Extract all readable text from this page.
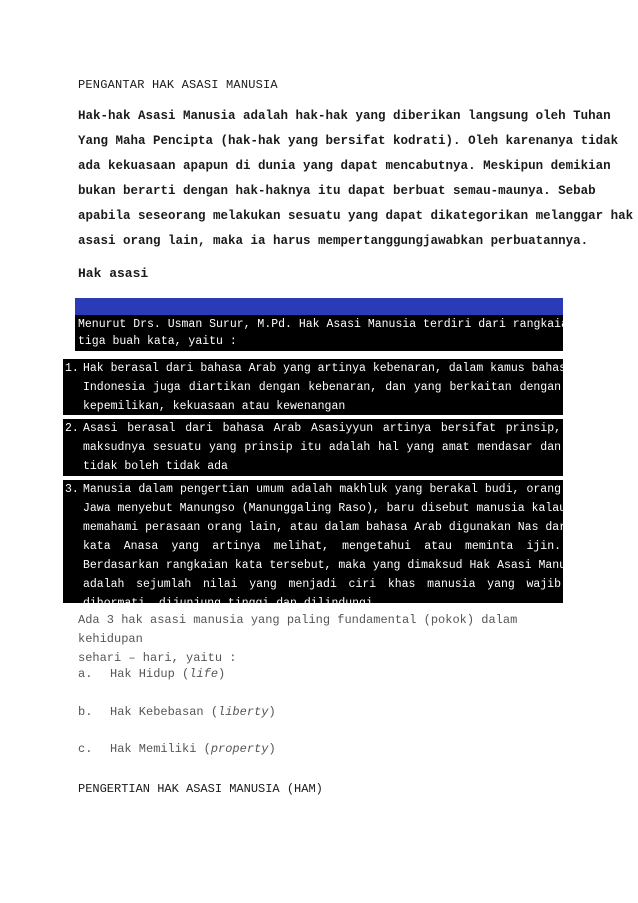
PENGANTAR HAK ASASI MANUSIA
Hak-hak Asasi Manusia adalah hak-hak yang diberikan langsung oleh Tuhan
Yang Maha Pencipta (hak-hak yang bersifat kodrati). Oleh karenanya tidak
ada kekuasaan apapun di dunia yang dapat mencabutnya. Meskipun demikian
bukan berarti dengan hak-haknya itu dapat berbuat semau-maunya. Sebab
apabila seseorang melakukan sesuatu yang dapat dikategorikan melanggar hak
asasi orang lain, maka ia harus mempertanggungjawabkan perbuatannya.
Hak asasi
Menurut Drs. Usman Surur, M.Pd. Hak Asasi Manusia terdiri dari rangkaian
tiga buah kata, yaitu :
1. Hak berasal dari bahasa Arab yang artinya kebenaran, dalam kamus bahasa
Indonesia juga diartikan dengan kebenaran, dan yang berkaitan dengan
kepemilikan, kekuasaan atau kewenangan
2. Asasi berasal dari bahasa Arab Asasiyyun artinya bersifat prinsip,
maksudnya sesuatu yang prinsip itu adalah hal yang amat mendasar dan
tidak boleh tidak ada
3. Manusia dalam pengertian umum adalah makhluk yang berakal budi, orang
Jawa menyebut Manungso (Manunggaling Raso), baru disebut manusia kalau
memahami perasaan orang lain, atau dalam bahasa Arab digunakan Nas dari
kata Anasa yang artinya melihat, mengetahui atau meminta ijin.
Berdasarkan rangkaian kata tersebut, maka yang dimaksud Hak Asasi Manusia
adalah sejumlah nilai yang menjadi ciri khas manusia yang wajib
dihormati, dijunjung tinggi dan dilindungi
Ada 3 hak asasi manusia yang paling fundamental (pokok) dalam kehidupan
sehari – hari, yaitu :
a. Hak Hidup (life)
b. Hak Kebebasan (liberty)
c. Hak Memiliki (property)
PENGERTIAN HAK ASASI MANUSIA (HAM)
